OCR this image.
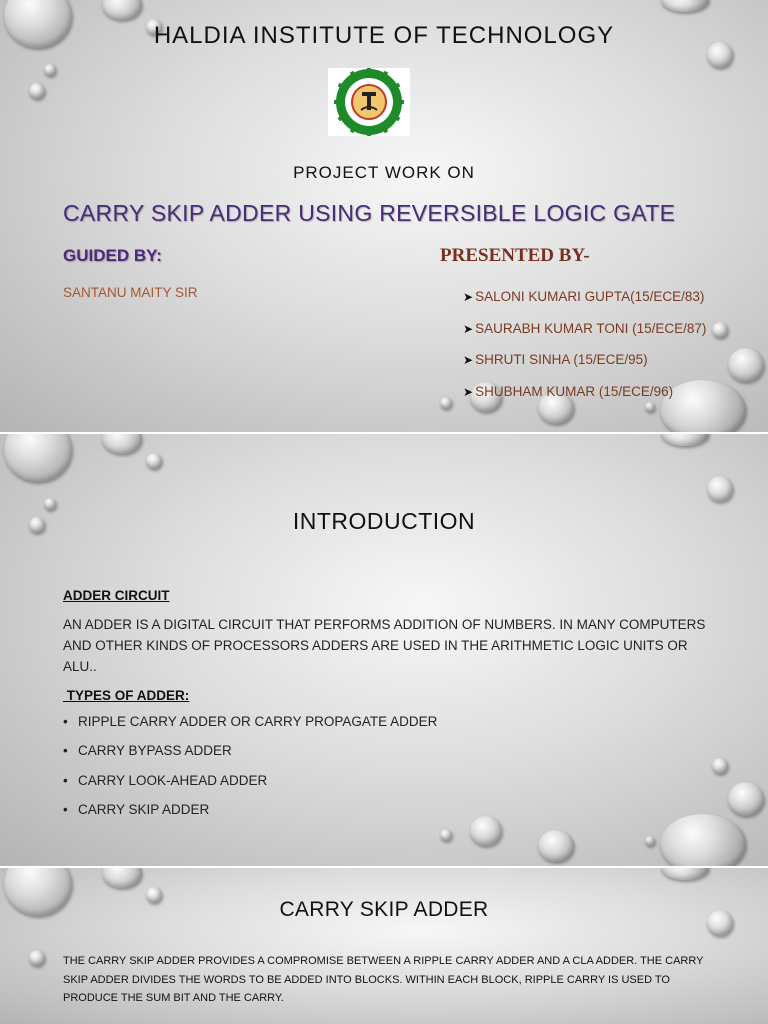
HALDIA INSTITUTE OF TECHNOLOGY
PROJECT WORK ON
CARRY SKIP ADDER USING REVERSIBLE LOGIC GATE
GUIDED BY:	PRESENTED BY-
SANTANU MAITY SIR	➤ SALONI KUMARI GUPTA(15/ECE/83)
➤ SAURABH KUMAR TONI (15/ECE/87)
➤ SHRUTI SINHA (15/ECE/95)
➤ SHUBHAM KUMAR (15/ECE/96)
INTRODUCTION
ADDER CIRCUIT
AN ADDER IS A DIGITAL CIRCUIT THAT PERFORMS ADDITION OF NUMBERS. IN MANY COMPUTERS AND OTHER KINDS OF PROCESSORS ADDERS ARE USED IN THE ARITHMETIC LOGIC UNITS OR ALU..
TYPES OF ADDER:
• RIPPLE CARRY ADDER OR CARRY PROPAGATE ADDER
• CARRY BYPASS ADDER
• CARRY LOOK-AHEAD ADDER
• CARRY SKIP ADDER
CARRY SKIP ADDER
THE CARRY SKIP ADDER PROVIDES A COMPROMISE BETWEEN A RIPPLE CARRY ADDER AND A CLA ADDER. THE CARRY SKIP ADDER DIVIDES THE WORDS TO BE ADDED INTO BLOCKS. WITHIN EACH BLOCK, RIPPLE CARRY IS USED TO PRODUCE THE SUM BIT AND THE CARRY.
